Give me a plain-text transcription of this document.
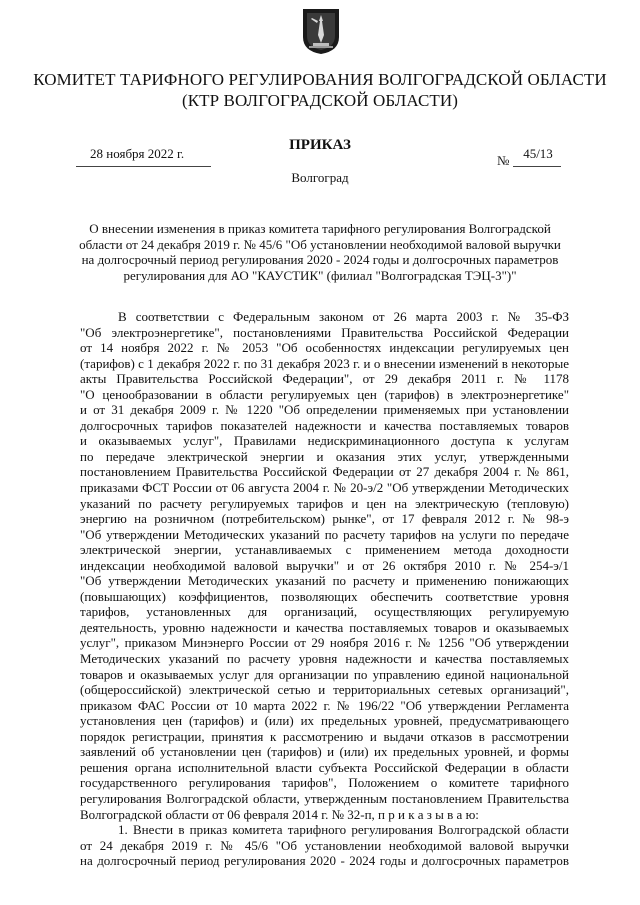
КОМИТЕТ ТАРИФНОГО РЕГУЛИРОВАНИЯ ВОЛГОГРАДСКОЙ ОБЛАСТИ
(КТР ВОЛГОГРАДСКОЙ ОБЛАСТИ)
ПРИКАЗ
28 ноября 2022 г.	№	45/13
Волгоград
О внесении изменения в приказ комитета тарифного регулирования Волгоградской
области от 24 декабря 2019 г. № 45/6 "Об установлении необходимой валовой выручки
на долгосрочный период регулирования 2020 - 2024 годы и долгосрочных параметров
регулирования для АО "КАУСТИК" (филиал "Волгоградская ТЭЦ-3")"
В соответствии с Федеральным законом от 26 марта 2003 г. № 35-ФЗ
"Об электроэнергетике", постановлениями Правительства Российской Федерации
от 14 ноября 2022 г. № 2053 "Об особенностях индексации регулируемых цен
(тарифов) с 1 декабря 2022 г. по 31 декабря 2023 г. и о внесении изменений в некоторые
акты Правительства Российской Федерации", от 29 декабря 2011 г. № 1178
"О ценообразовании в области регулируемых цен (тарифов) в электроэнергетике"
и от 31 декабря 2009 г. № 1220 "Об определении применяемых при установлении
долгосрочных тарифов показателей надежности и качества поставляемых товаров
и оказываемых услуг", Правилами недискриминационного доступа к услугам
по передаче электрической энергии и оказания этих услуг, утвержденными
постановлением Правительства Российской Федерации от 27 декабря 2004 г. № 861,
приказами ФСТ России от 06 августа 2004 г. № 20-э/2 "Об утверждении Методических
указаний по расчету регулируемых тарифов и цен на электрическую (тепловую)
энергию на розничном (потребительском) рынке", от 17 февраля 2012 г. № 98-э
"Об утверждении Методических указаний по расчету тарифов на услуги по передаче
электрической энергии, устанавливаемых с применением метода доходности
индексации необходимой валовой выручки" и от 26 октября 2010 г. № 254-э/1
"Об утверждении Методических указаний по расчету и применению понижающих
(повышающих) коэффициентов, позволяющих обеспечить соответствие уровня
тарифов, установленных для организаций, осуществляющих регулируемую
деятельность, уровню надежности и качества поставляемых товаров и оказываемых
услуг", приказом Минэнерго России от 29 ноября 2016 г. № 1256 "Об утверждении
Методических указаний по расчету уровня надежности и качества поставляемых
товаров и оказываемых услуг для организации по управлению единой национальной
(общероссийской) электрической сетью и территориальных сетевых организаций",
приказом ФАС России от 10 марта 2022 г. № 196/22 "Об утверждении Регламента
установления цен (тарифов) и (или) их предельных уровней, предусматривающего
порядок регистрации, принятия к рассмотрению и выдачи отказов в рассмотрении
заявлений об установлении цен (тарифов) и (или) их предельных уровней, и формы
решения органа исполнительной власти субъекта Российской Федерации в области
государственного регулирования тарифов", Положением о комитете тарифного
регулирования Волгоградской области, утвержденным постановлением Правительства
Волгоградской области от 06 февраля 2014 г. № 32-п, п р и к а з ы в а ю:
1. Внести в приказ комитета тарифного регулирования Волгоградской области
от 24 декабря 2019 г. № 45/6 "Об установлении необходимой валовой выручки
на долгосрочный период регулирования 2020 - 2024 годы и долгосрочных параметров
